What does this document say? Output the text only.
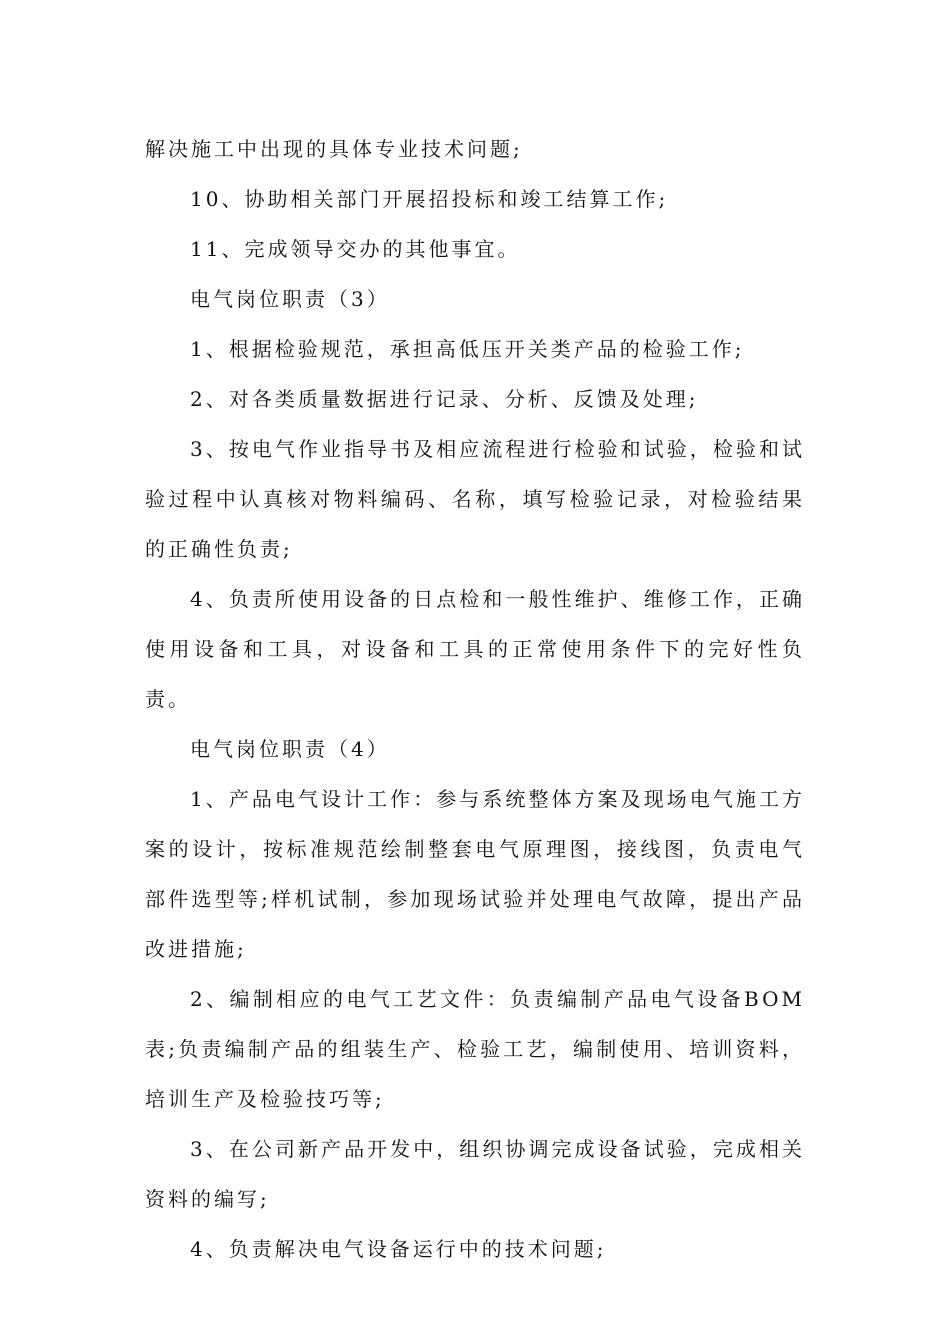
解决施工中出现的具体专业技术问题;

10、协助相关部门开展招投标和竣工结算工作;

11、完成领导交办的其他事宜。

电气岗位职责（3）

1、根据检验规范，承担高低压开关类产品的检验工作;

2、对各类质量数据进行记录、分析、反馈及处理;

3、按电气作业指导书及相应流程进行检验和试验，检验和试验过程中认真核对物料编码、名称，填写检验记录，对检验结果的正确性负责;

4、负责所使用设备的日点检和一般性维护、维修工作，正确使用设备和工具，对设备和工具的正常使用条件下的完好性负责。

电气岗位职责（4）

1、产品电气设计工作：参与系统整体方案及现场电气施工方案的设计，按标准规范绘制整套电气原理图，接线图，负责电气部件选型等;样机试制，参加现场试验并处理电气故障，提出产品改进措施;

2、编制相应的电气工艺文件：负责编制产品电气设备BOM表;负责编制产品的组装生产、检验工艺，编制使用、培训资料，培训生产及检验技巧等;

3、在公司新产品开发中，组织协调完成设备试验，完成相关资料的编写;

4、负责解决电气设备运行中的技术问题;
